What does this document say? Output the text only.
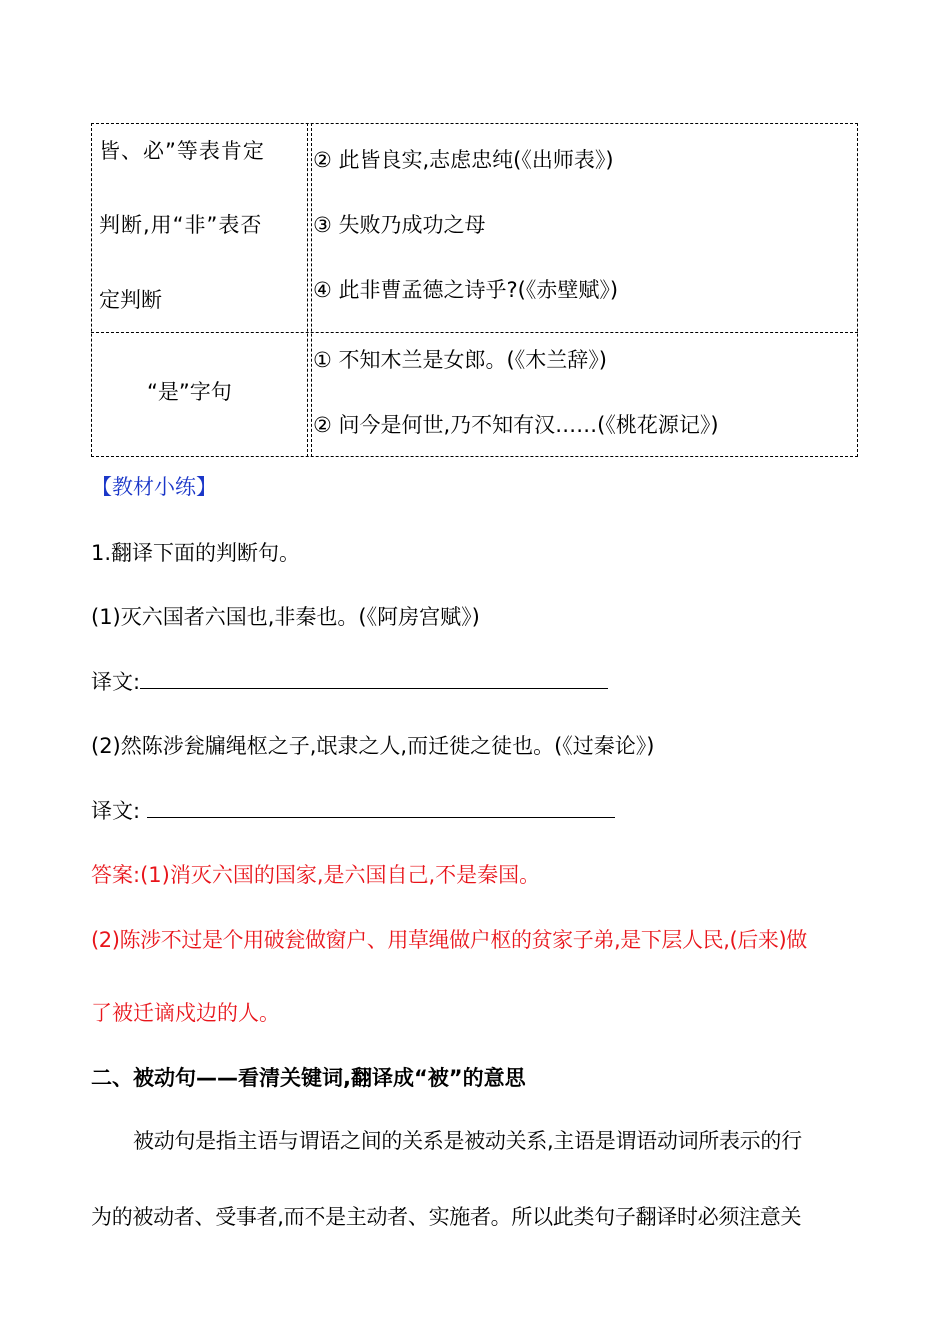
皆、必”等表肯定
判断,用“非”表否
定判断
② 此皆良实,志虑忠纯(《出师表》)
③ 失败乃成功之母
④ 此非曹孟德之诗乎?(《赤壁赋》)
“是”字句
① 不知木兰是女郎。(《木兰辞》)
② 问今是何世,乃不知有汉……(《桃花源记》)
【教材小练】
1.翻译下面的判断句。
(1)灭六国者六国也,非秦也。(《阿房宫赋》)
译文:
(2)然陈涉瓮牖绳枢之子,氓隶之人,而迁徙之徒也。(《过秦论》)
译文:
答案:(1)消灭六国的国家,是六国自己,不是秦国。
(2)陈涉不过是个用破瓮做窗户、用草绳做户枢的贫家子弟,是下层人民,(后来)做
了被迁谪戍边的人。
二、被动句——看清关键词,翻译成“被”的意思
被动句是指主语与谓语之间的关系是被动关系,主语是谓语动词所表示的行
为的被动者、受事者,而不是主动者、实施者。所以此类句子翻译时必须注意关
